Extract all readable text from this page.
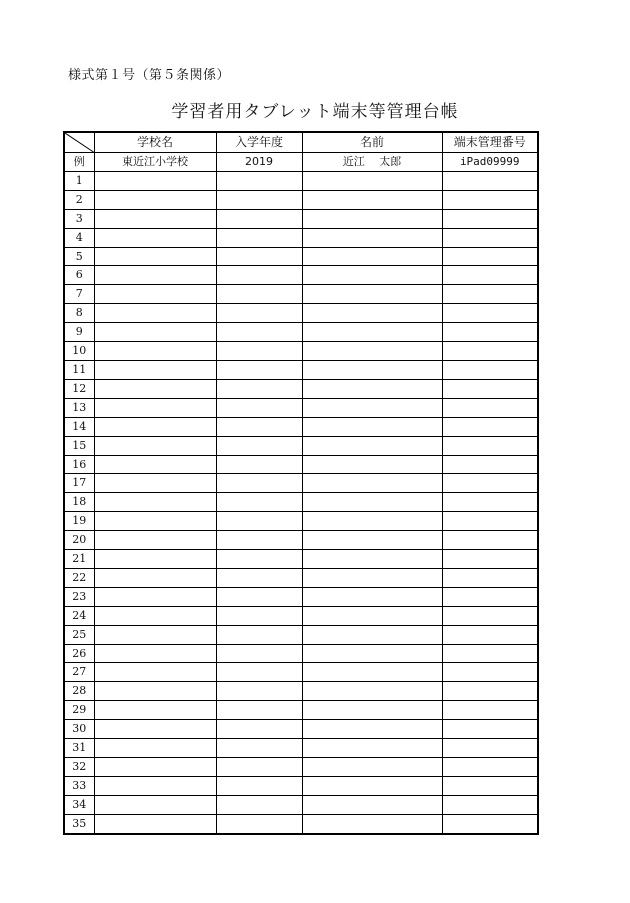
様式第１号（第５条関係）
学習者用タブレット端末等管理台帳
	学校名	入学年度	名前	端末管理番号
例	東近江小学校	2019	近江　 太郎	iPad09999
1				
2				
3				
4				
5				
6				
7				
8				
9				
10				
11				
12				
13				
14				
15				
16				
17				
18				
19				
20				
21				
22				
23				
24				
25				
26				
27				
28				
29				
30				
31				
32				
33				
34				
35				
